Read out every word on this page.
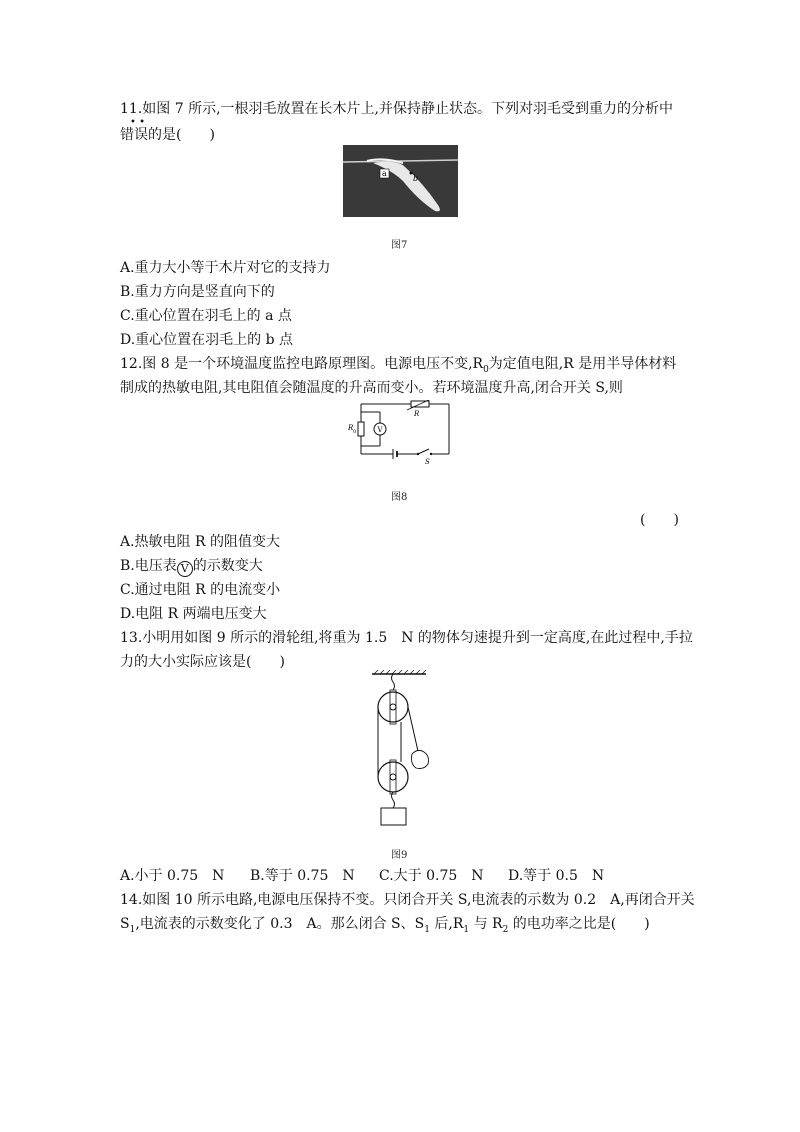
11.如图 7 所示,一根羽毛放置在长木片上,并保持静止状态。下列对羽毛受到重力的分析中
• •
错误的是(　　)
a
b
图7
A.重力大小等于木片对它的支持力
B.重力方向是竖直向下的
C.重心位置在羽毛上的 a 点
D.重心位置在羽毛上的 b 点
12.图 8 是一个环境温度监控电路原理图。电源电压不变$,R_0$为定值电阻,R 是用半导体材料
制成的热敏电阻,其电阻值会随温度的升高而变小。若环境温度升高,闭合开关 S,则
R
R 0	V
S
图8
(　　)
A.热敏电阻 R 的阻值变大
B.电压表 V 的示数变大
C.通过电阻 R 的电流变小
D.电阻 R 两端电压变大
13.小明用如图 9 所示的滑轮组,将重为 1.5　N 的物体匀速提升到一定高度,在此过程中,手拉
力的大小实际应该是(　　)
图9
A.小于 0.75　N B.等于 0.75　N C.大于 0.75　N D.等于 0.5　N
14.如图 10 所示电路,电源电压保持不变。只闭合开关 S,电流表的示数为 0.2　A,再闭合开关
$S_1$,电流表的示数变化了 0.3　A。那么闭合 S、$S_1$ 后$,R_1$ 与 $R_2$ 的电功率之比是(　　)
